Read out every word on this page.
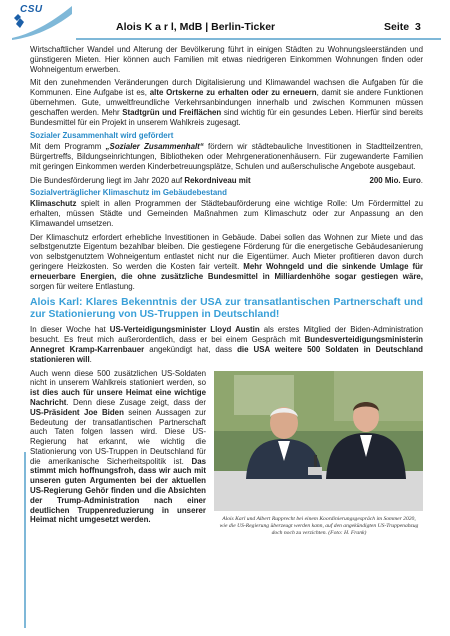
CSU
Alois K a r l, MdB | Berlin-Ticker	Seite 3

Wirtschaftlicher Wandel und Alterung der Bevölkerung führt in einigen Städten zu Wohnungsleerständen und günstigeren Mieten. Hier können auch Familien mit etwas niedrigeren Einkommen Wohnungen finden oder Wohneigentum erwerben.

Mit den zunehmenden Veränderungen durch Digitalisierung und Klimawandel wachsen die Aufgaben für die Kommunen. Eine Aufgabe ist es, alte Ortskerne zu erhalten oder zu erneuern, damit sie andere Funktionen übernehmen. Gute, umweltfreundliche Verkehrsanbindungen innerhalb und zwischen Kommunen müssen geschaffen werden. Mehr Stadtgrün und Freiflächen sind wichtig für ein gesundes Leben. Hierfür sind bereits Bundesmittel für ein Projekt in unserem Wahlkreis zugesagt.

Sozialer Zusammenhalt wird gefördert

Mit dem Programm „Sozialer Zusammenhalt“ fördern wir städtebauliche Investitionen in Stadtteilzentren, Bürgertreffs, Bildungseinrichtungen, Bibliotheken oder Mehrgenerationenhäusern. Für zugewanderte Familien mit geringen Einkommen werden Kinderbetreuungsplätze, Schulen und außerschulische Angebote ausgebaut.

Die Bundesförderung liegt im Jahr 2020 auf Rekordniveau mit	200 Mio. Euro.
Sozialverträglicher Klimaschutz im Gebäudebestand

Klimaschutz spielt in allen Programmen der Städtebauförderung eine wichtige Rolle: Um Fördermittel zu erhalten, müssen Städte und Gemeinden Maßnahmen zum Klimaschutz oder zur Anpassung an den Klimawandel umsetzen.

Der Klimaschutz erfordert erhebliche Investitionen in Gebäude. Dabei sollen das Wohnen zur Miete und das selbstgenutzte Eigentum bezahlbar bleiben. Die gestiegene Förderung für die energetische Gebäudesanierung von selbstgenutztem Wohneigentum entlastet nicht nur die Eigentümer. Auch Mieter profitieren davon durch geringere Heizkosten. So werden die Kosten fair verteilt. Mehr Wohngeld und die sinkende Umlage für erneuerbare Energien, die ohne zusätzliche Bundesmittel in Milliardenhöhe sogar gestiegen wäre, sorgen für weitere Entlastung.

Alois Karl: Klares Bekenntnis der USA zur transatlantischen Partnerschaft und zur Stationierung von US-Truppen in Deutschland!

In dieser Woche hat US-Verteidigungsminister Lloyd Austin als erstes Mitglied der Biden-Administration besucht. Es freut mich außerordentlich, dass er bei einem Gespräch mit Bundesverteidigungsministerin Annegret Kramp-Karrenbauer angekündigt hat, dass die USA weitere 500 Soldaten in Deutschland stationieren will.

Auch wenn diese 500 zusätzlichen US-Soldaten nicht in unserem Wahlkreis stationiert werden, so ist dies auch für unsere Heimat eine wichtige Nachricht. Denn diese Zusage zeigt, dass der US-Präsident Joe Biden seinen Aussagen zur Bedeutung der transatlantischen Partnerschaft auch Taten folgen lassen wird. Diese US-Regierung hat erkannt, wie wichtig die Stationierung von US-Truppen in Deutschland für die amerikanische Sicherheitspolitik ist. Das stimmt mich hoffnungsfroh, dass wir auch mit unseren guten Argumenten bei der aktuellen US-Regierung Gehör finden und die Absichten der Trump-Administration nach einer deutlichen Truppenreduzierung in unserer Heimat nicht umgesetzt werden.	Alois Karl und Albert Rupprecht bei einem Koordinierungsgespräch im Sommer 2020, wie die US-Regierung überzeugt werden kann, auf den angekündigten US-Truppenabzug doch noch zu verzichten. (Foto: H. Frank)
